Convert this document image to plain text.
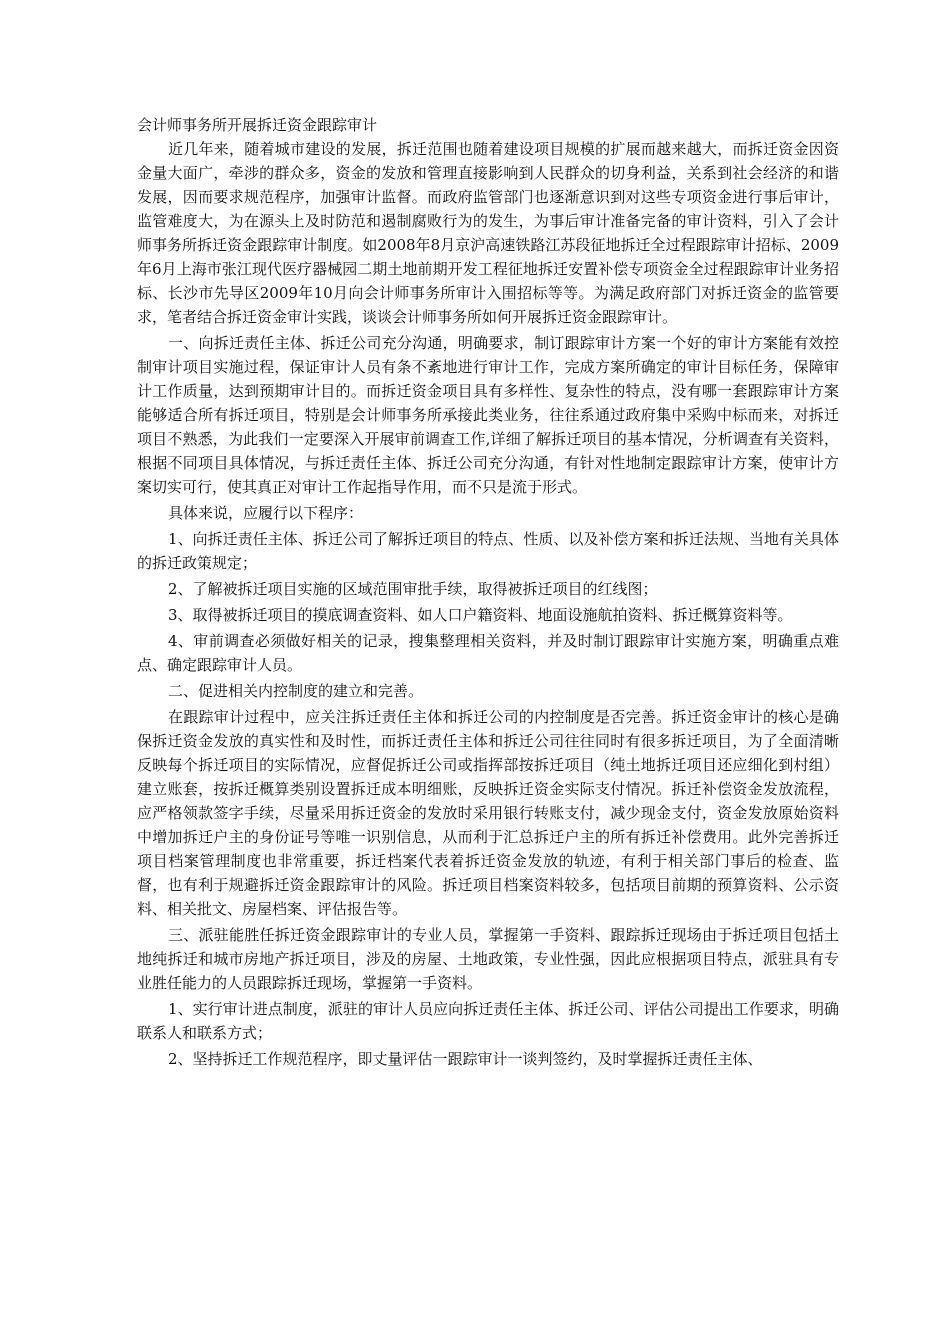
会计师事务所开展拆迁资金跟踪审计

近几年来，随着城市建设的发展，拆迁范围也随着建设项目规模的扩展而越来越大，而拆迁资金因资金量大面广，牵涉的群众多，资金的发放和管理直接影响到人民群众的切身利益，关系到社会经济的和谐发展，因而要求规范程序，加强审计监督。而政府监管部门也逐渐意识到对这些专项资金进行事后审计，监管难度大，为在源头上及时防范和遏制腐败行为的发生，为事后审计准备完备的审计资料，引入了会计师事务所拆迁资金跟踪审计制度。如2008年8月京沪高速铁路江苏段征地拆迁全过程跟踪审计招标、2009年6月上海市张江现代医疗器械园二期土地前期开发工程征地拆迁安置补偿专项资金全过程跟踪审计业务招标、长沙市先导区2009年10月向会计师事务所审计入围招标等等。为满足政府部门对拆迁资金的监管要求，笔者结合拆迁资金审计实践，谈谈会计师事务所如何开展拆迁资金跟踪审计。

一、向拆迁责任主体、拆迁公司充分沟通，明确要求，制订跟踪审计方案一个好的审计方案能有效控制审计项目实施过程，保证审计人员有条不紊地进行审计工作，完成方案所确定的审计目标任务，保障审计工作质量，达到预期审计目的。而拆迁资金项目具有多样性、复杂性的特点，没有哪一套跟踪审计方案能够适合所有拆迁项目，特别是会计师事务所承接此类业务，往往系通过政府集中采购中标而来，对拆迁项目不熟悉，为此我们一定要深入开展审前调查工作,详细了解拆迁项目的基本情况，分析调查有关资料，根据不同项目具体情况，与拆迁责任主体、拆迁公司充分沟通，有针对性地制定跟踪审计方案，使审计方案切实可行，使其真正对审计工作起指导作用，而不只是流于形式。

具体来说，应履行以下程序：

1、向拆迁责任主体、拆迁公司了解拆迁项目的特点、性质、以及补偿方案和拆迁法规、当地有关具体的拆迁政策规定；

2、了解被拆迁项目实施的区域范围审批手续，取得被拆迁项目的红线图；

3、取得被拆迁项目的摸底调查资料、如人口户籍资料、地面设施航拍资料、拆迁概算资料等。

4、审前调查必须做好相关的记录，搜集整理相关资料，并及时制订跟踪审计实施方案，明确重点难点、确定跟踪审计人员。

二、促进相关内控制度的建立和完善。

在跟踪审计过程中，应关注拆迁责任主体和拆迁公司的内控制度是否完善。拆迁资金审计的核心是确保拆迁资金发放的真实性和及时性，而拆迁责任主体和拆迁公司往往同时有很多拆迁项目，为了全面清晰反映每个拆迁项目的实际情况，应督促拆迁公司或指挥部按拆迁项目（纯土地拆迁项目还应细化到村组）建立账套，按拆迁概算类别设置拆迁成本明细账，反映拆迁资金实际支付情况。拆迁补偿资金发放流程，应严格领款签字手续，尽量采用拆迁资金的发放时采用银行转账支付，减少现金支付，资金发放原始资料中增加拆迁户主的身份证号等唯一识别信息，从而利于汇总拆迁户主的所有拆迁补偿费用。此外完善拆迁项目档案管理制度也非常重要，拆迁档案代表着拆迁资金发放的轨迹，有利于相关部门事后的检查、监督，也有利于规避拆迁资金跟踪审计的风险。拆迁项目档案资料较多，包括项目前期的预算资料、公示资料、相关批文、房屋档案、评估报告等。

三、派驻能胜任拆迁资金跟踪审计的专业人员，掌握第一手资料、跟踪拆迁现场由于拆迁项目包括土地纯拆迁和城市房地产拆迁项目，涉及的房屋、土地政策，专业性强，因此应根据项目特点，派驻具有专业胜任能力的人员跟踪拆迁现场，掌握第一手资料。

1、实行审计进点制度，派驻的审计人员应向拆迁责任主体、拆迁公司、评估公司提出工作要求，明确联系人和联系方式；

2、坚持拆迁工作规范程序，即丈量评估一跟踪审计一谈判签约，及时掌握拆迁责任主体、
